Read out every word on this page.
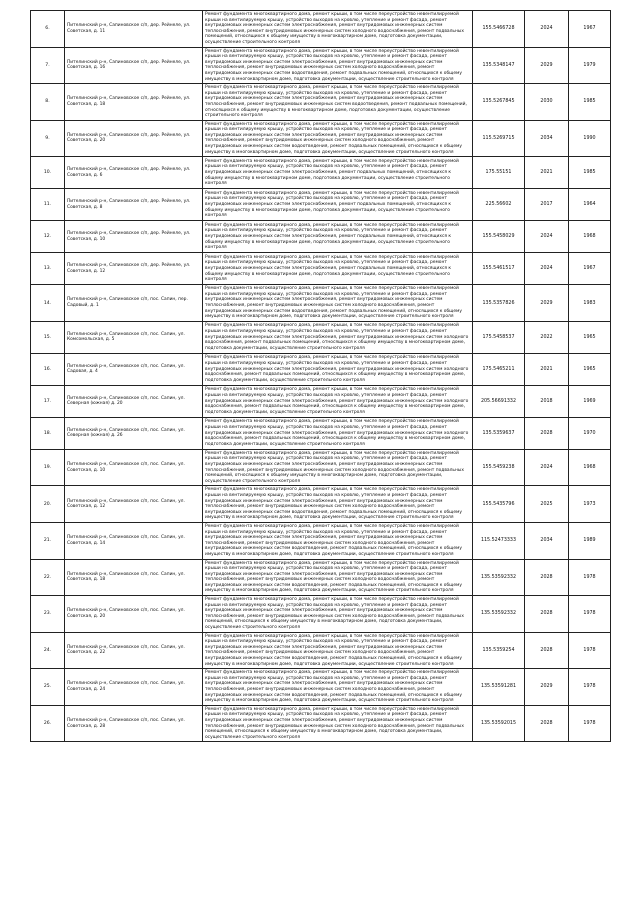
6.	Пителинский р-н, Сапиновское с/п, дер. Рейнеле, ул. Советская, д. 11	Ремонт фундамента многоквартирного дома, ремонт крыши, в том числе переустройство невентилируемой крыши на вентилируемую крышу, устройство выходов на кровлю, утепление и ремонт фасада, ремонт внутридомовых инженерных систем электроснабжения, ремонт внутридомовых инженерных систем теплоснабжения, ремонт внутридомовых инженерных систем холодного водоснабжения, ремонт подвальных помещений, относящихся к общему имуществу в многоквартирном доме, подготовка документации, осуществление строительного контроля	155.5466728	2024	1967
7.	Пителинский р-н, Сапиновское с/п, дер. Рейнеле, ул. Советская, д. 16	Ремонт фундамента многоквартирного дома, ремонт крыши, в том числе переустройство невентилируемой крыши на вентилируемую крышу, устройство выходов на кровлю, утепление и ремонт фасада, ремонт внутридомовых инженерных систем электроснабжения, ремонт внутридомовых инженерных систем теплоснабжения, ремонт внутридомовых инженерных систем холодного водоснабжения, ремонт внутридомовых инженерных систем водоотведения, ремонт подвальных помещений, относящихся к общему имуществу в многоквартирном доме, подготовка документации, осуществление строительного контроля	135.5348147	2029	1979
8.	Пителинский р-н, Сапиновское с/п, дер. Рейнеле, ул. Советская, д. 18	Ремонт фундамента многоквартирного дома, ремонт крыши, в том числе переустройство невентилируемой крыши на вентилируемую крышу, устройство выходов на кровлю, утепление и ремонт фасада, ремонт внутридомовых инженерных систем электроснабжения, ремонт внутридомовых инженерных систем теплоснабжения, ремонт внутридомовых инженерных систем водоотведения, ремонт подвальных помещений, относящихся к общему имуществу в многоквартирном доме, подготовка документации, осуществление строительного контроля	135.5267845	2030	1985
9.	Пителинский р-н, Сапиновское с/п, дер. Рейнеле, ул. Советская, д. 20	Ремонт фундамента многоквартирного дома, ремонт крыши, в том числе переустройство невентилируемой крыши на вентилируемую крышу, устройство выходов на кровлю, утепление и ремонт фасада, ремонт внутридомовых инженерных систем электроснабжения, ремонт внутридомовых инженерных систем теплоснабжения, ремонт внутридомовых инженерных систем холодного водоснабжения, ремонт внутридомовых инженерных систем водоотведения, ремонт подвальных помещений, относящихся к общему имуществу в многоквартирном доме, подготовка документации, осуществление строительного контроля	115.5269715	2034	1990
10.	Пителинский р-н, Сапиновское с/п, дер. Рейнеле, ул. Советская, д. 6	Ремонт фундамента многоквартирного дома, ремонт крыши, в том числе переустройство невентилируемой крыши на вентилируемую крышу, устройство выходов на кровлю, утепление и ремонт фасада, ремонт внутридомовых инженерных систем электроснабжения, ремонт подвальных помещений, относящихся к общему имуществу в многоквартирном доме, подготовка документации, осуществление строительного контроля	175.55151	2021	1985
11.	Пителинский р-н, Сапиновское с/п, дер. Рейнеле, ул. Советская, д. 8	Ремонт фундамента многоквартирного дома, ремонт крыши, в том числе переустройство невентилируемой крыши на вентилируемую крышу, устройство выходов на кровлю, утепление и ремонт фасада, ремонт внутридомовых инженерных систем электроснабжения, ремонт подвальных помещений, относящихся к общему имуществу в многоквартирном доме, подготовка документации, осуществление строительного контроля	225.56602	2017	1964
12.	Пителинский р-н, Сапиновское с/п, дер. Рейнеле, ул. Советская, д. 10	Ремонт фундамента многоквартирного дома, ремонт крыши, в том числе переустройство невентилируемой крыши на вентилируемую крышу, устройство выходов на кровлю, утепление и ремонт фасада, ремонт внутридомовых инженерных систем электроснабжения, ремонт подвальных помещений, относящихся к общему имуществу в многоквартирном доме, подготовка документации, осуществление строительного контроля	155.5458029	2024	1968
13.	Пителинский р-н, Сапиновское с/п, дер. Рейнеле, ул. Советская, д. 12	Ремонт фундамента многоквартирного дома, ремонт крыши, в том числе переустройство невентилируемой крыши на вентилируемую крышу, устройство выходов на кровлю, утепление и ремонт фасада, ремонт внутридомовых инженерных систем электроснабжения, ремонт подвальных помещений, относящихся к общему имуществу в многоквартирном доме, подготовка документации, осуществление строительного контроля	155.5461517	2024	1967
14.	Пителинский р-н, Сапиновское с/п, пос. Сапин, пер. Садовый, д. 1	Ремонт фундамента многоквартирного дома, ремонт крыши, в том числе переустройство невентилируемой крыши на вентилируемую крышу, устройство выходов на кровлю, утепление и ремонт фасада, ремонт внутридомовых инженерных систем электроснабжения, ремонт внутридомовых инженерных систем теплоснабжения, ремонт внутридомовых инженерных систем холодного водоснабжения, ремонт внутридомовых инженерных систем водоотведения, ремонт подвальных помещений, относящихся к общему имуществу в многоквартирном доме, подготовка документации, осуществление строительного контроля	135.5357826	2029	1983
15.	Пителинский р-н, Сапиновское с/п, пос. Сапин, ул. Комсомольская, д. 5	Ремонт фундамента многоквартирного дома, ремонт крыши, в том числе переустройство невентилируемой крыши на вентилируемую крышу, устройство выходов на кровлю, утепление и ремонт фасада, ремонт внутридомовых инженерных систем электроснабжения, ремонт внутридомовых инженерных систем холодного водоснабжения, ремонт подвальных помещений, относящихся к общему имуществу в многоквартирном доме, подготовка документации, осуществление строительного контроля	175.5458537	2022	1965
16.	Пителинский р-н, Сапиновское с/п, пос. Сапин, ул. Садовая, д. 4	Ремонт фундамента многоквартирного дома, ремонт крыши, в том числе переустройство невентилируемой крыши на вентилируемую крышу, устройство выходов на кровлю, утепление и ремонт фасада, ремонт внутридомовых инженерных систем электроснабжения, ремонт внутридомовых инженерных систем холодного водоснабжения, ремонт подвальных помещений, относящихся к общему имуществу в многоквартирном доме, подготовка документации, осуществление строительного контроля	175.5465211	2021	1965
17.	Пителинский р-н, Сапиновское с/п, пос. Сапин, ул. Северная (южная) д. 20	Ремонт фундамента многоквартирного дома, ремонт крыши, в том числе переустройство невентилируемой крыши на вентилируемую крышу, устройство выходов на кровлю, утепление и ремонт фасада, ремонт внутридомовых инженерных систем электроснабжения, ремонт внутридомовых инженерных систем холодного водоснабжения, ремонт подвальных помещений, относящихся к общему имуществу в многоквартирном доме, подготовка документации, осуществление строительного контроля	205.56691332	2018	1969
18.	Пителинский р-н, Сапиновское с/п, пос. Сапин, ул. Северная (южная) д. 26	Ремонт фундамента многоквартирного дома, ремонт крыши, в том числе переустройство невентилируемой крыши на вентилируемую крышу, устройство выходов на кровлю, утепление и ремонт фасада, ремонт внутридомовых инженерных систем электроснабжения, ремонт внутридомовых инженерных систем холодного водоснабжения, ремонт подвальных помещений, относящихся к общему имуществу в многоквартирном доме, подготовка документации, осуществление строительного контроля	135.5359637	2028	1970
19.	Пителинский р-н, Сапиновское с/п, пос. Сапин, ул. Советская, д. 10	Ремонт фундамента многоквартирного дома, ремонт крыши, в том числе переустройство невентилируемой крыши на вентилируемую крышу, устройство выходов на кровлю, утепление и ремонт фасада, ремонт внутридомовых инженерных систем электроснабжения, ремонт внутридомовых инженерных систем теплоснабжения, ремонт внутридомовых инженерных систем холодного водоснабжения, ремонт подвальных помещений, относящихся к общему имуществу в многоквартирном доме, подготовка документации, осуществление строительного контроля	155.5459238	2024	1968
20.	Пителинский р-н, Сапиновское с/п, пос. Сапин, ул. Советская, д. 12	Ремонт фундамента многоквартирного дома, ремонт крыши, в том числе переустройство невентилируемой крыши на вентилируемую крышу, устройство выходов на кровлю, утепление и ремонт фасада, ремонт внутридомовых инженерных систем электроснабжения, ремонт внутридомовых инженерных систем теплоснабжения, ремонт внутридомовых инженерных систем холодного водоснабжения, ремонт внутридомовых инженерных систем водоотведения, ремонт подвальных помещений, относящихся к общему имуществу в многоквартирном доме, подготовка документации, осуществление строительного контроля	155.5435796	2025	1973
21.	Пителинский р-н, Сапиновское с/п, пос. Сапин, ул. Советская, д. 14	Ремонт фундамента многоквартирного дома, ремонт крыши, в том числе переустройство невентилируемой крыши на вентилируемую крышу, устройство выходов на кровлю, утепление и ремонт фасада, ремонт внутридомовых инженерных систем электроснабжения, ремонт внутридомовых инженерных систем теплоснабжения, ремонт внутридомовых инженерных систем холодного водоснабжения, ремонт внутридомовых инженерных систем водоотведения, ремонт подвальных помещений, относящихся к общему имуществу в многоквартирном доме, подготовка документации, осуществление строительного контроля	115.52473333	2034	1989
22.	Пителинский р-н, Сапиновское с/п, пос. Сапин, ул. Советская, д. 18	Ремонт фундамента многоквартирного дома, ремонт крыши, в том числе переустройство невентилируемой крыши на вентилируемую крышу, устройство выходов на кровлю, утепление и ремонт фасада, ремонт внутридомовых инженерных систем электроснабжения, ремонт внутридомовых инженерных систем теплоснабжения, ремонт внутридомовых инженерных систем холодного водоснабжения, ремонт внутридомовых инженерных систем водоотведения, ремонт подвальных помещений, относящихся к общему имуществу в многоквартирном доме, подготовка документации, осуществление строительного контроля	135.53592332	2028	1978
23.	Пителинский р-н, Сапиновское с/п, пос. Сапин, ул. Советская, д. 20	Ремонт фундамента многоквартирного дома, ремонт крыши, в том числе переустройство невентилируемой крыши на вентилируемую крышу, устройство выходов на кровлю, утепление и ремонт фасада, ремонт внутридомовых инженерных систем электроснабжения, ремонт внутридомовых инженерных систем теплоснабжения, ремонт внутридомовых инженерных систем холодного водоснабжения, ремонт подвальных помещений, относящихся к общему имуществу в многоквартирном доме, подготовка документации, осуществление строительного контроля	135.53592332	2028	1978
24.	Пителинский р-н, Сапиновское с/п, пос. Сапин, ул. Советская, д. 22	Ремонт фундамента многоквартирного дома, ремонт крыши, в том числе переустройство невентилируемой крыши на вентилируемую крышу, устройство выходов на кровлю, утепление и ремонт фасада, ремонт внутридомовых инженерных систем электроснабжения, ремонт внутридомовых инженерных систем теплоснабжения, ремонт внутридомовых инженерных систем холодного водоснабжения, ремонт внутридомовых инженерных систем водоотведения, ремонт подвальных помещений, относящихся к общему имуществу в многоквартирном доме, подготовка документации, осуществление строительного контроля	135.5359254	2028	1978
25.	Пителинский р-н, Сапиновское с/п, пос. Сапин, ул. Советская, д. 24	Ремонт фундамента многоквартирного дома, ремонт крыши, в том числе переустройство невентилируемой крыши на вентилируемую крышу, устройство выходов на кровлю, утепление и ремонт фасада, ремонт внутридомовых инженерных систем электроснабжения, ремонт внутридомовых инженерных систем теплоснабжения, ремонт внутридомовых инженерных систем холодного водоснабжения, ремонт внутридомовых инженерных систем водоотведения, ремонт подвальных помещений, относящихся к общему имуществу в многоквартирном доме, подготовка документации, осуществление строительного контроля	135.53591281	2029	1978
26.	Пителинский р-н, Сапиновское с/п, пос. Сапин, ул. Советская, д. 28	Ремонт фундамента многоквартирного дома, ремонт крыши, в том числе переустройство невентилируемой крыши на вентилируемую крышу, устройство выходов на кровлю, утепление и ремонт фасада, ремонт внутридомовых инженерных систем электроснабжения, ремонт внутридомовых инженерных систем теплоснабжения, ремонт внутридомовых инженерных систем холодного водоснабжения, ремонт подвальных помещений, относящихся к общему имуществу в многоквартирном доме, подготовка документации, осуществление строительного контроля	135.53592015	2028	1978
